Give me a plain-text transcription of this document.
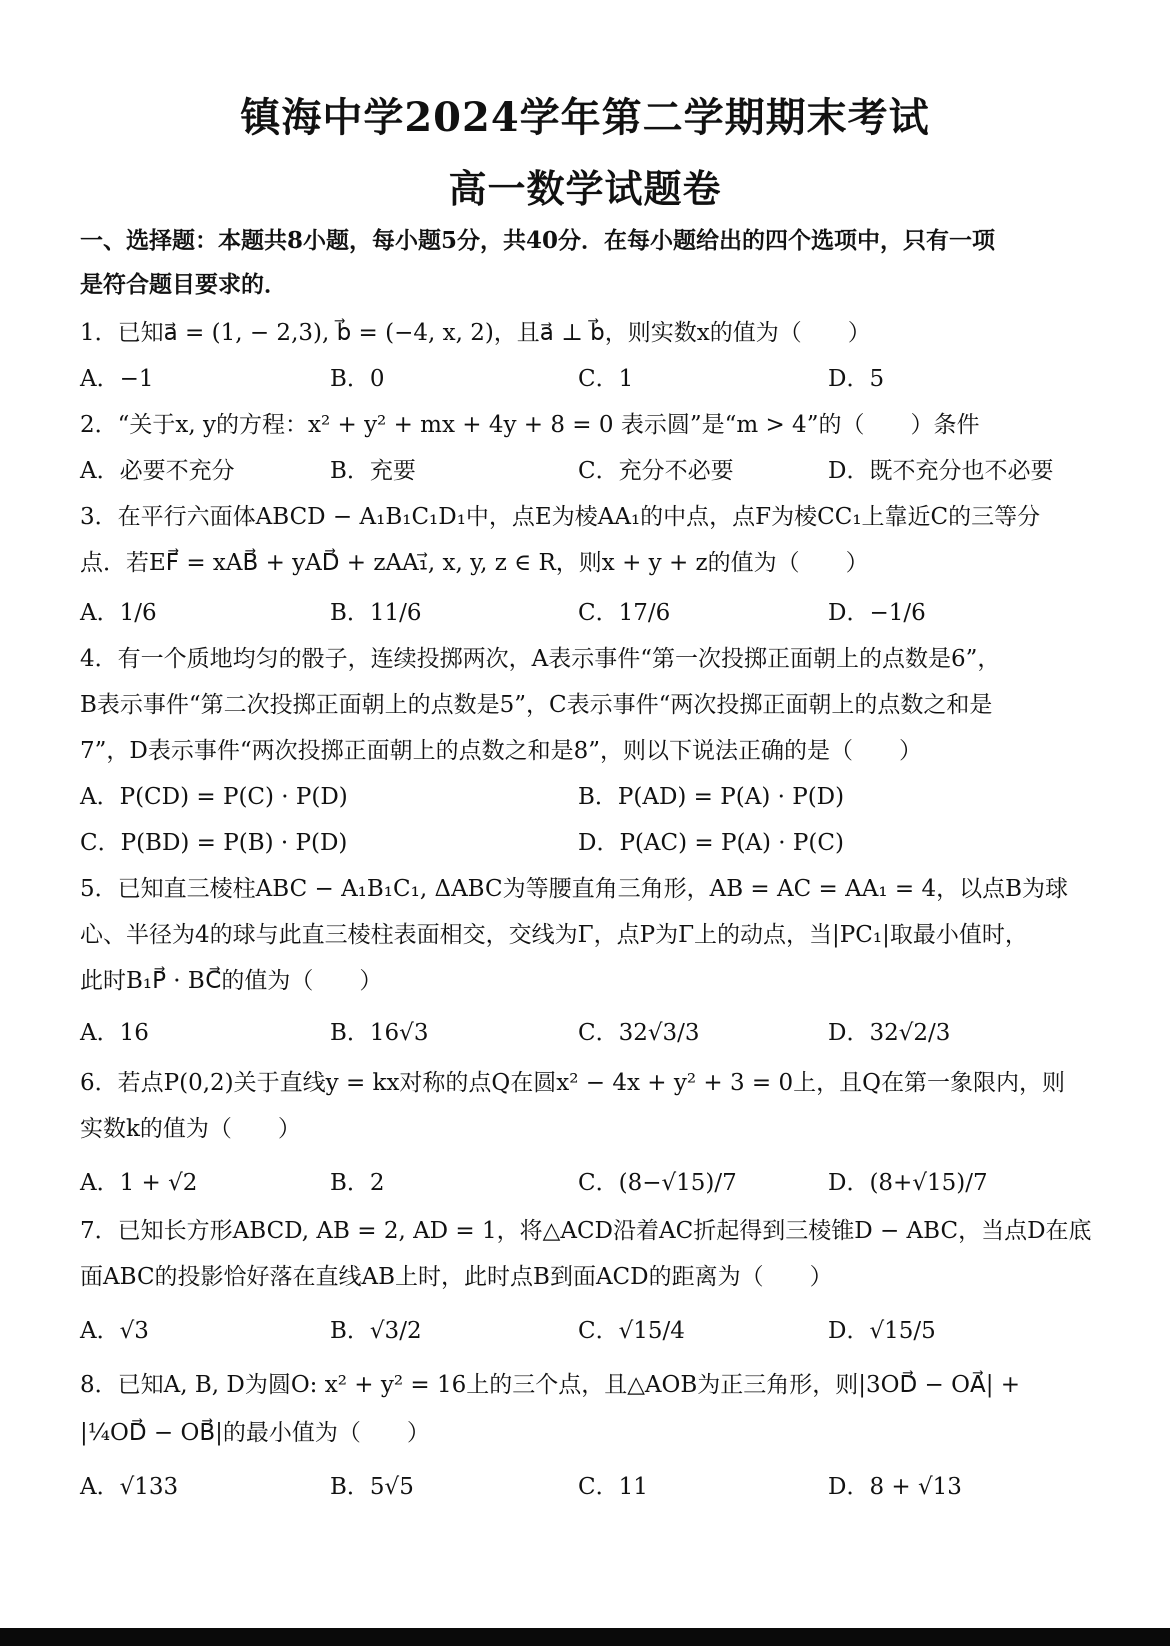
镇海中学2024学年第二学期期末考试
高一数学试题卷
一、选择题：本题共8小题，每小题5分，共40分．在每小题给出的四个选项中，只有一项
是符合题目要求的．
1．已知a⃗ = (1, − 2,3), b⃗ = (−4, x, 2)，且a⃗ ⊥ b⃗，则实数x的值为（　　）
A．−1	B．0	C．1	D．5
2．“关于x, y的方程：x² + y² + mx + 4y + 8 = 0 表示圆”是“m > 4”的（　　）条件
A．必要不充分	B．充要	C．充分不必要	D．既不充分也不必要
3．在平行六面体ABCD − A₁B₁C₁D₁中，点E为棱AA₁的中点，点F为棱CC₁上靠近C的三等分
点．若EF⃗ = xAB⃗ + yAD⃗ + zAA₁⃗, x, y, z ∈ R，则x + y + z的值为（　　）
A．1/6	B．11/6	C．17/6	D．−1/6
4．有一个质地均匀的骰子，连续投掷两次，A表示事件“第一次投掷正面朝上的点数是6”，
B表示事件“第二次投掷正面朝上的点数是5”，C表示事件“两次投掷正面朝上的点数之和是
7”，D表示事件“两次投掷正面朝上的点数之和是8”，则以下说法正确的是（　　）
A．P(CD) = P(C) · P(D)	B．P(AD) = P(A) · P(D)
C．P(BD) = P(B) · P(D)	D．P(AC) = P(A) · P(C)
5．已知直三棱柱ABC − A₁B₁C₁, ΔABC为等腰直角三角形，AB = AC = AA₁ = 4，以点B为球
心、半径为4的球与此直三棱柱表面相交，交线为Γ，点P为Γ上的动点，当|PC₁|取最小值时，
此时B₁P⃗ · BC⃗的值为（　　）
A．16	B．16√3	C．32√3/3	D．32√2/3
6．若点P(0,2)关于直线y = kx对称的点Q在圆x² − 4x + y² + 3 = 0上，且Q在第一象限内，则
实数k的值为（　　）
A．1 + √2	B．2	C．(8−√15)/7	D．(8+√15)/7
7．已知长方形ABCD, AB = 2, AD = 1，将△ACD沿着AC折起得到三棱锥D − ABC，当点D在底
面ABC的投影恰好落在直线AB上时，此时点B到面ACD的距离为（　　）
A．√3	B．√3/2	C．√15/4	D．√15/5
8．已知A, B, D为圆O: x² + y² = 16上的三个点，且△AOB为正三角形，则|3OD⃗ − OA⃗| +
|¼OD⃗ − OB⃗|的最小值为（　　）
A．√133	B．5√5	C．11	D．8 + √13
